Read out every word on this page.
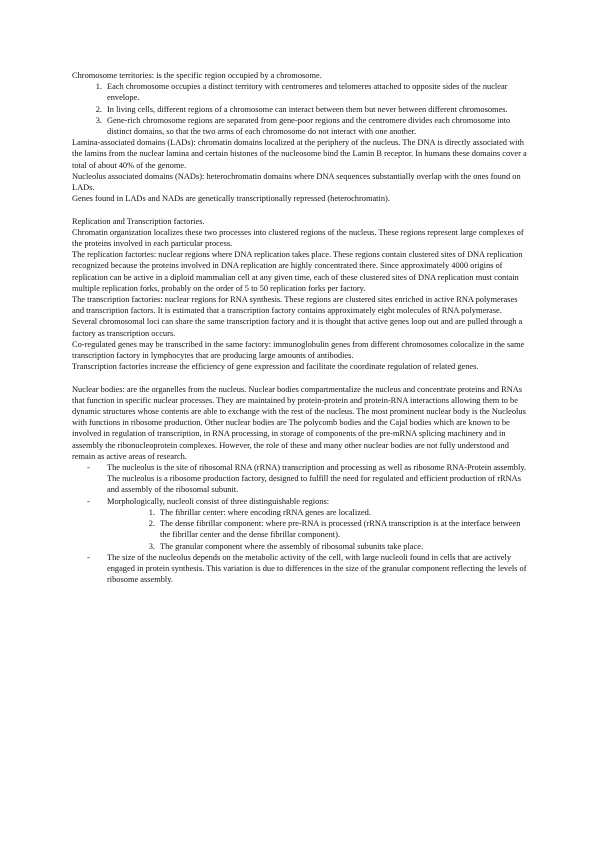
Chromosome territories: is the specific region occupied by a chromosome.

1. Each chromosome occupies a distinct territory with centromeres and telomeres attached to opposite sides of the nuclear envelope.
2. In living cells, different regions of a chromosome can interact between them but never between different chromosomes.
3. Gene-rich chromosome regions are separated from gene-poor regions and the centromere divides each chromosome into distinct domains, so that the two arms of each chromosome do not interact with one another.

Lamina-associated domains (LADs): chromatin domains localized at the periphery of the nucleus. The DNA is directly associated with the lamins from the nuclear lamina and certain histones of the nucleosome bind the Lamin B receptor. In humans these domains cover a total of about 40% of the genome.

Nucleolus associated domains (NADs): heterochromatin domains where DNA sequences substantially overlap with the ones found on LADs.

Genes found in LADs and NADs are genetically transcriptionally repressed (heterochromatin).

Replication and Transcription factories.

Chromatin organization localizes these two processes into clustered regions of the nucleus. These regions represent large complexes of the proteins involved in each particular process.

The replication factories: nuclear regions where DNA replication takes place. These regions contain clustered sites of DNA replication recognized because the proteins involved in DNA replication are highly concentrated there. Since approximately 4000 origins of replication can be active in a diploid mammalian cell at any given time, each of these clustered sites of DNA replication must contain multiple replication forks, probably on the order of 5 to 50 replication forks per factory.

The transcription factories: nuclear regions for RNA synthesis. These regions are clustered sites enriched in active RNA polymerases and transcription factors. It is estimated that a transcription factory contains approximately eight molecules of RNA polymerase. Several chromosomal loci can share the same transcription factory and it is thought that active genes loop out and are pulled through a factory as transcription occurs.

Co-regulated genes may be transcribed in the same factory: immunoglobulin genes from different chromosomes colocalize in the same transcription factory in lymphocytes that are producing large amounts of antibodies.

Transcription factories increase the efficiency of gene expression and facilitate the coordinate regulation of related genes.

Nuclear bodies: are the organelles from the nucleus. Nuclear bodies compartmentalize the nucleus and concentrate proteins and RNAs that function in specific nuclear processes. They are maintained by protein-protein and protein-RNA interactions allowing them to be dynamic structures whose contents are able to exchange with the rest of the nucleus. The most prominent nuclear body is the Nucleolus with functions in ribosome production. Other nuclear bodies are The polycomb bodies and the Cajal bodies which are known to be involved in regulation of transcription, in RNA processing, in storage of components of the pre-mRNA splicing machinery and in assembly the ribonucleoprotein complexes. However, the role of these and many other nuclear bodies are not fully understood and remain as active areas of research.

- The nucleolus is the site of ribosomal RNA (rRNA) transcription and processing as well as ribosome RNA-Protein assembly. The nucleolus is a ribosome production factory, designed to fulfill the need for regulated and efficient production of rRNAs and assembly of the ribosomal subunit.
- Morphologically, nucleoli consist of three distinguishable regions:
1. The fibrillar center: where encoding rRNA genes are localized.
2. The dense fibrillar component: where pre-RNA is processed (rRNA transcription is at the interface between the fibrillar center and the dense fibrillar component).
3. The granular component where the assembly of ribosomal subunits take place.
- The size of the nucleolus depends on the metabolic activity of the cell, with large nucleoli found in cells that are actively engaged in protein synthesis. This variation is due to differences in the size of the granular component reflecting the levels of ribosome assembly.
